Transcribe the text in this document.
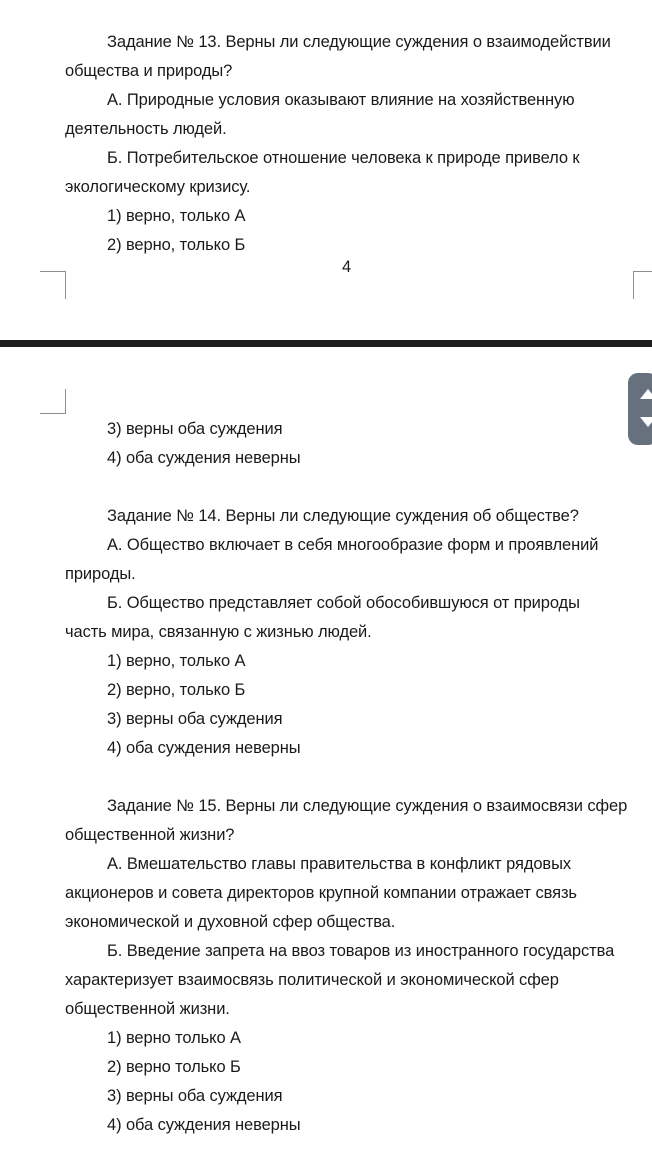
Задание № 13. Верны ли следующие суждения о взаимодействии
общества и природы?
А. Природные условия оказывают влияние на хозяйственную
деятельность людей.
Б. Потребительское отношение человека к природе привело к
экологическому кризису.
1) верно, только А
2) верно, только Б
4
3) верны оба суждения
4) оба суждения неверны
Задание № 14. Верны ли следующие суждения об обществе?
А. Общество включает в себя многообразие форм и проявлений
природы.
Б. Общество представляет собой обособившуюся от природы
часть мира, связанную с жизнью людей.
1) верно, только А
2) верно, только Б
3) верны оба суждения
4) оба суждения неверны
Задание № 15. Верны ли следующие суждения о взаимосвязи сфер
общественной жизни?
А. Вмешательство главы правительства в конфликт рядовых
акционеров и совета директоров крупной компании отражает связь
экономической и духовной сфер общества.
Б. Введение запрета на ввоз товаров из иностранного государства
характеризует взаимосвязь политической и экономической сфер
общественной жизни.
1) верно только А
2) верно только Б
3) верны оба суждения
4) оба суждения неверны
